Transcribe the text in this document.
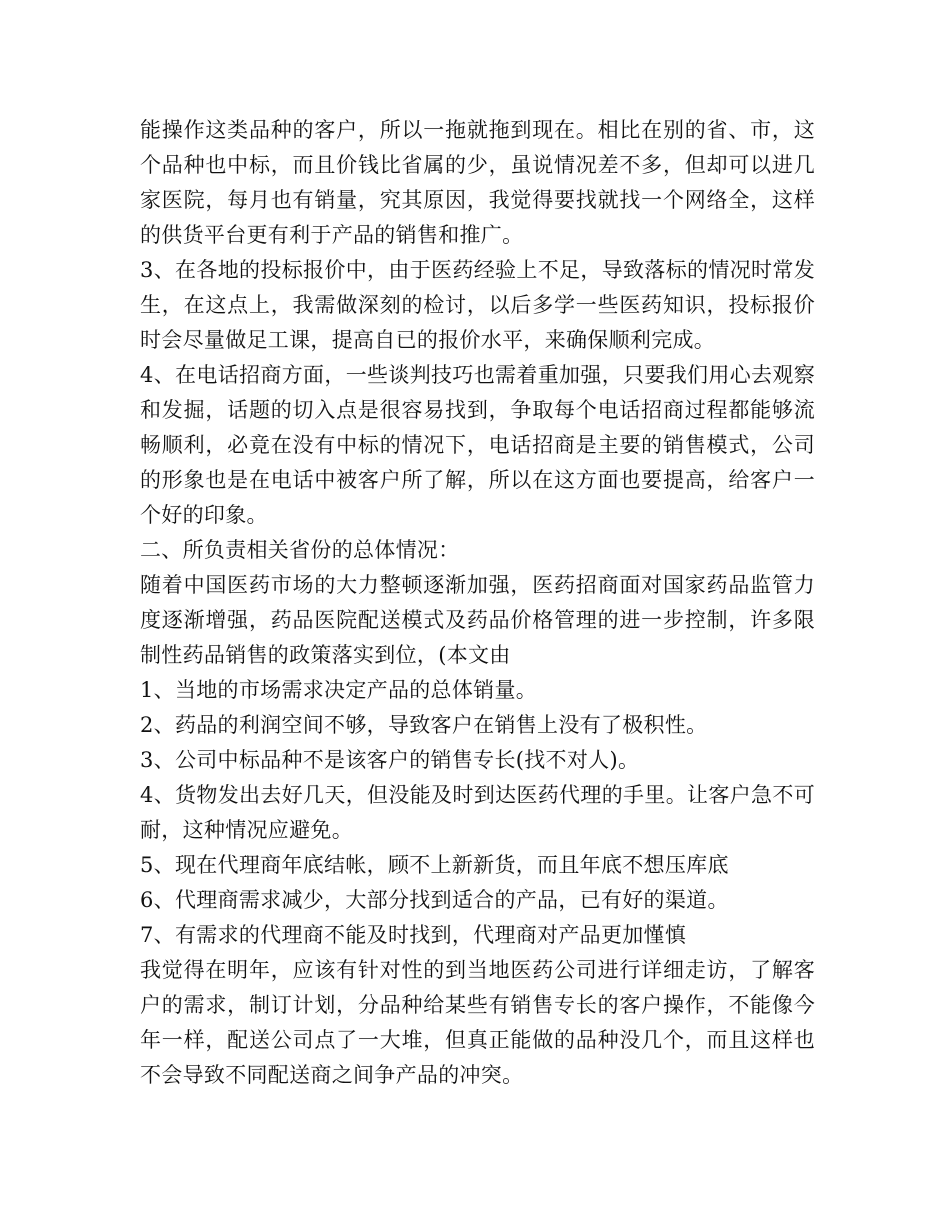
能操作这类品种的客户，所以一拖就拖到现在。相比在别的省、市，这个品种也中标，而且价钱比省属的少，虽说情况差不多，但却可以进几家医院，每月也有销量，究其原因，我觉得要找就找一个网络全，这样的供货平台更有利于产品的销售和推广。

3、在各地的投标报价中，由于医药经验上不足，导致落标的情况时常发生，在这点上，我需做深刻的检讨，以后多学一些医药知识，投标报价时会尽量做足工课，提高自已的报价水平，来确保顺利完成。

4、在电话招商方面，一些谈判技巧也需着重加强，只要我们用心去观察和发掘，话题的切入点是很容易找到，争取每个电话招商过程都能够流畅顺利，必竟在没有中标的情况下，电话招商是主要的销售模式，公司的形象也是在电话中被客户所了解，所以在这方面也要提高，给客户一个好的印象。

二、所负责相关省份的总体情况：

随着中国医药市场的大力整顿逐渐加强，医药招商面对国家药品监管力度逐渐增强，药品医院配送模式及药品价格管理的进一步控制，许多限制性药品销售的政策落实到位，(本文由

1、当地的市场需求决定产品的总体销量。

2、药品的利润空间不够，导致客户在销售上没有了极积性。

3、公司中标品种不是该客户的销售专长(找不对人)。

4、货物发出去好几天，但没能及时到达医药代理的手里。让客户急不可耐，这种情况应避免。

5、现在代理商年底结帐，顾不上新新货，而且年底不想压库底

6、代理商需求减少，大部分找到适合的产品，已有好的渠道。

7、有需求的代理商不能及时找到，代理商对产品更加慬慎

我觉得在明年，应该有针对性的到当地医药公司进行详细走访，了解客户的需求，制订计划，分品种给某些有销售专长的客户操作，不能像今年一样，配送公司点了一大堆，但真正能做的品种没几个，而且这样也不会导致不同配送商之间争产品的冲突。
